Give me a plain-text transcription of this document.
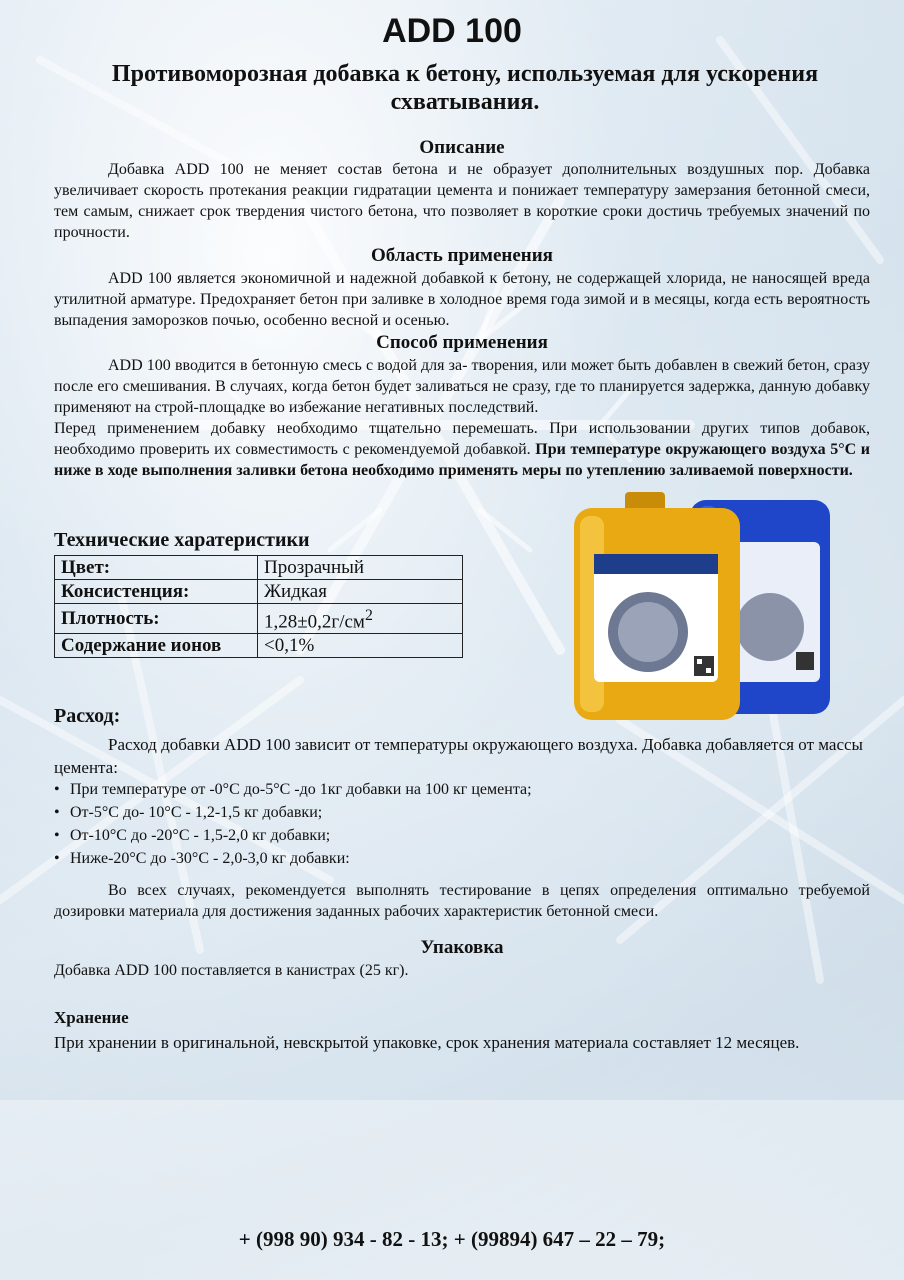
ADD 100
Противоморозная добавка к бетону, используемая для ускорения схватывания.
Описание
Добавка ADD 100 не меняет состав бетона и не образует дополнительных воздушных пор. Добавка увеличивает скорость протекания реакции гидратации цемента и понижает температуру замерзания бетонной смеси, тем самым, снижает срок твердения чистого бетона, что позволяет в короткие сроки достичь требуемых значений по прочности.
Область применения
ADD 100 является экономичной и надежной добавкой к бетону, не содержащей хлорида, не наносящей вреда утилитной арматуре. Предохраняет бетон при заливке в холодное время года зимой и в месяцы, когда есть вероятность выпадения заморозков почью, особенно весной и осенью.
Способ применения
ADD 100 вводится в бетонную смесь с водой для за- творения, или может быть добавлен в свежий бетон, сразу после его смешивания. В случаях, когда бетон будет заливаться не сразу, где то планируется задержка, данную добавку применяют на строй-площадке во избежание негативных последствий.
Перед применением добавку необходимо тщательно перемешать. При использовании других типов добавок, необходимо проверить их совместимость с рекомендуемой добавкой. При температуре окружающего воздуха 5°C и ниже в ходе выполнения заливки бетона необходимо применять меры по утеплению заливаемой поверхности.
Технические хaратеристики
Цвет:	Прозрачный
Консистенция:	Жидкая
Плотность:	$1,28\pm 0,2г/см^2$
Содержание ионов	<0,1%
Расход:
Расход добавки ADD 100 зависит от температуры окружающего воздуха. Добавка добавляется от массы цемента:
• При температуре от -0°C до-5°C -до 1кг добавки на 100 кг цемента;
• От-5°C до- 10°C - 1,2-1,5 кг добавки;
• От-10°C до -20°C - 1,5-2,0 кг добавки;
• Ниже-20°C до -30°C - 2,0-3,0 кг добавки:
Во всех случаях, рекомендуется выполнять тестирование в цепях определения оптимально требуемой дозировки материала для достижения заданных рабочих характеристик бетонной смеси.
Упаковка
Добавка ADD 100 поставляется в канистрах (25 кг).
Хранение
При хранении в оригинальной, невскрытой упаковке, срок хранения материала составляет 12 месяцев.
+ (998 90) 934 - 82 - 13; + (99894) 647 – 22 – 79;
